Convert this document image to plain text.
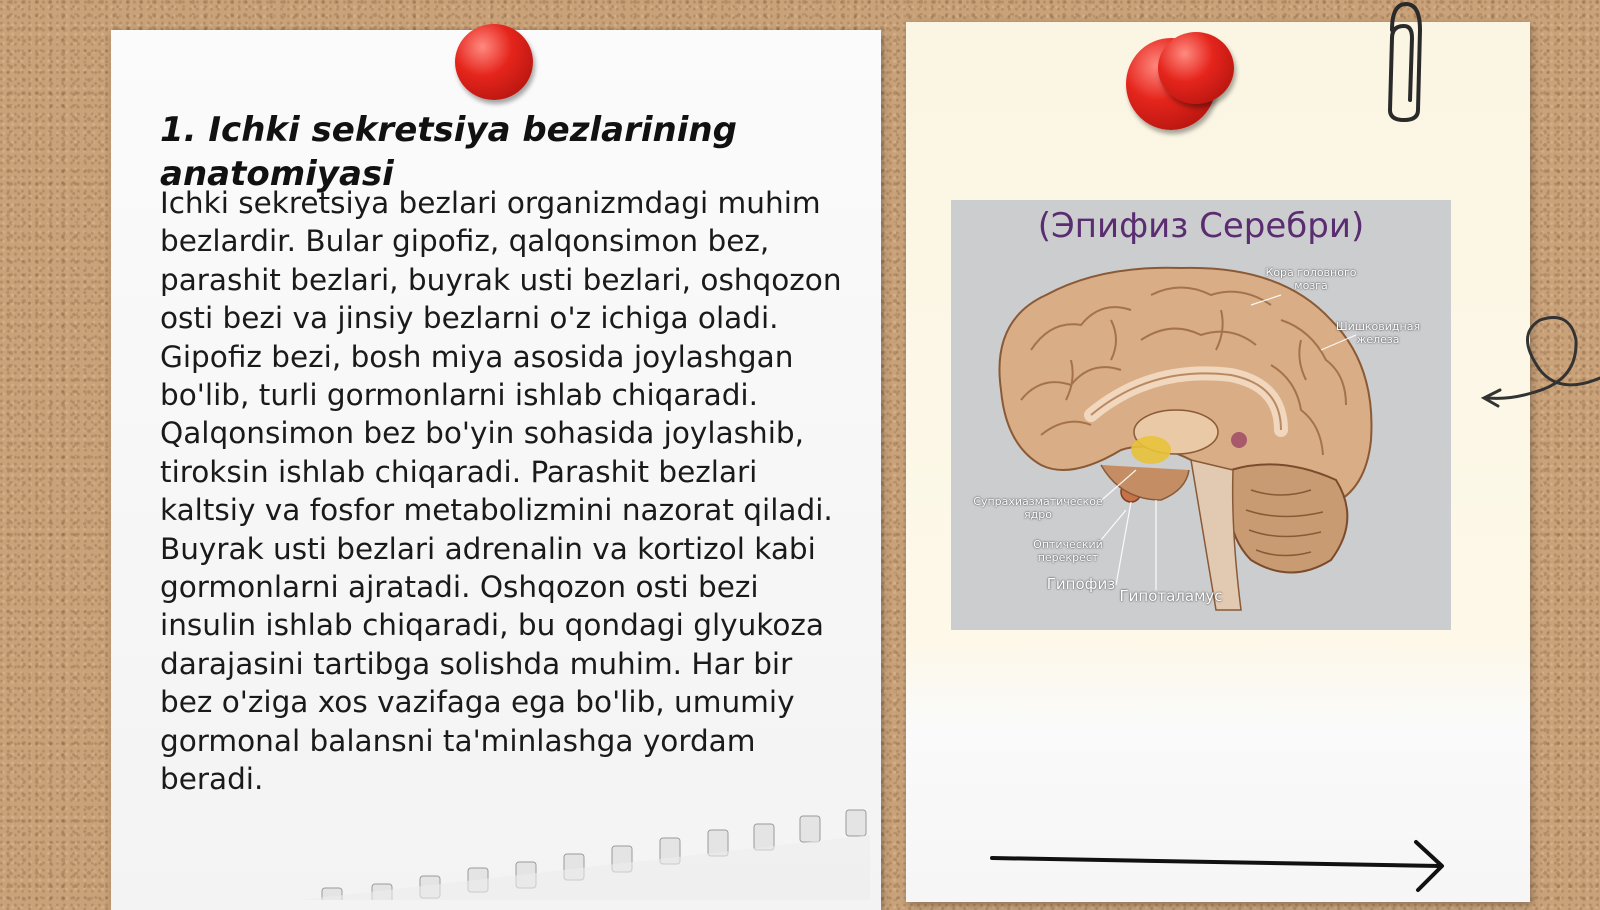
1. Ichki sekretsiya bezlarining anatomiyasi

Ichki sekretsiya bezlari organizmdagi muhim bezlardir. Bular gipofiz, qalqonsimon bez, parashit bezlari, buyrak usti bezlari, oshqozon osti bezi va jinsiy bezlarni o'z ichiga oladi. Gipofiz bezi, bosh miya asosida joylashgan bo'lib, turli gormonlarni ishlab chiqaradi. Qalqonsimon bez bo'yin sohasida joylashib, tiroksin ishlab chiqaradi. Parashit bezlari kaltsiy va fosfor metabolizmini nazorat qiladi. Buyrak usti bezlari adrenalin va kortizol kabi gormonlarni ajratadi. Oshqozon osti bezi insulin ishlab chiqaradi, bu qondagi glyukoza darajasini tartibga solishda muhim. Har bir bez o'ziga xos vazifaga ega bo'lib, umumiy gormonal balansni ta'minlashga yordam beradi.

(Эпифиз Серебри)
Кора головного мозга
Шишковидная железа
Супрахиазматическое ядро
Оптический перекрест
Гипофиз
Гипоталамус
